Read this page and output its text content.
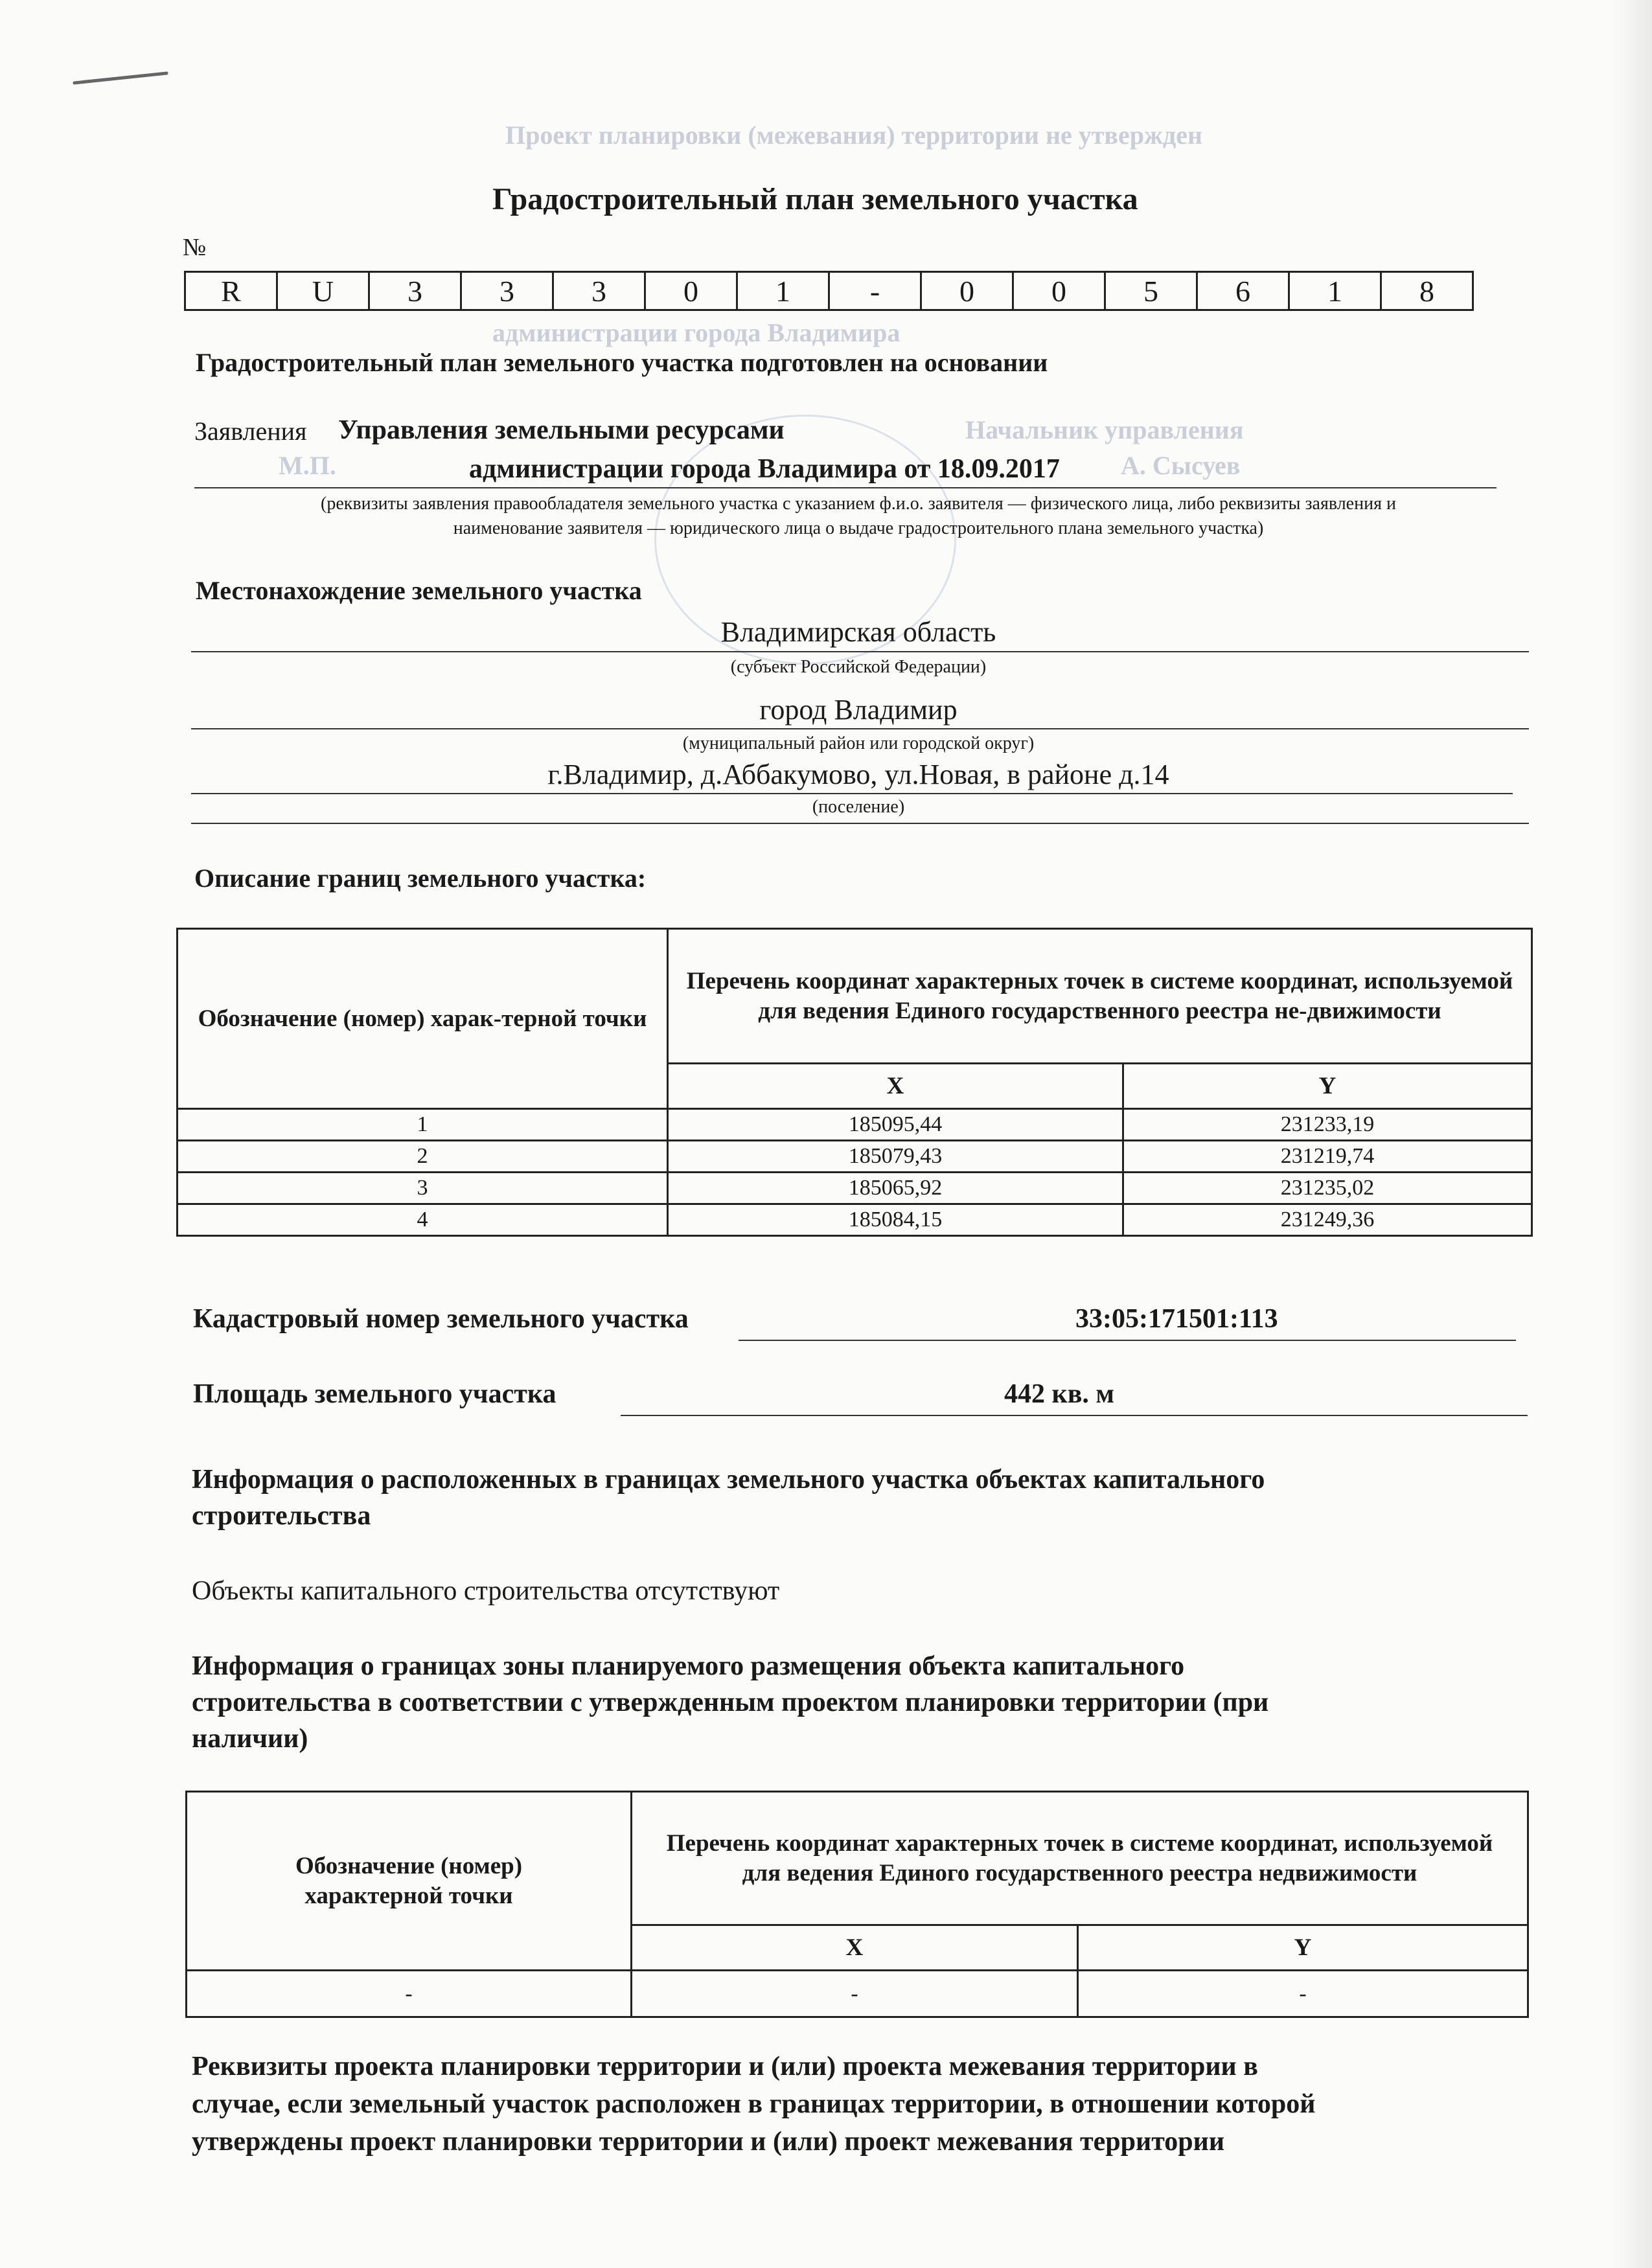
Проект планировки (межевания) территории не утвержден
администрации города Владимира
Начальник управления
А. Сысуев
М.П.
Градостроительный план земельного участка
№
R	U	3	3	3	0	1	-	0	0	5	6	1	8
Градостроительный план земельного участка подготовлен на основании
Заявления Управления земельными ресурсами
администрации города Владимира от 18.09.2017
(реквизиты заявления правообладателя земельного участка с указанием ф.и.о. заявителя — физического лица, либо реквизиты заявления и
наименование заявителя — юридического лица о выдаче градостроительного плана земельного участка)
Местонахождение земельного участка
Владимирская область
(субъект Российской Федерации)
город Владимир
(муниципальный район или городской округ)
г.Владимир, д.Аббакумово, ул.Новая, в районе д.14
(поселение)
Описание границ земельного участка:
Обозначение (номер) харак-терной точки	Перечень координат характерных точек в системе координат, используемой для ведения Единого государственного реестра не-движимости	
	X	Y
1	185095,44	231233,19
2	185079,43	231219,74
3	185065,92	231235,02
4	185084,15	231249,36
Кадастровый номер земельного участка	33:05:171501:113
Площадь земельного участка	442 кв. м
Информация о расположенных в границах земельного участка объектах капитального
строительства
Объекты капитального строительства отсутствуют
Информация о границах зоны планируемого размещения объекта капитального
строительства в соответствии с утвержденным проектом планировки территории (при
наличии)
Обозначение (номер)
характерной точки	Перечень координат характерных точек в системе координат, используемой для ведения Единого государственного реестра недвижимости	
	X	Y
-	-	-
Реквизиты проекта планировки территории и (или) проекта межевания территории в
случае, если земельный участок расположен в границах территории, в отношении которой
утверждены проект планировки территории и (или) проект межевания территории
